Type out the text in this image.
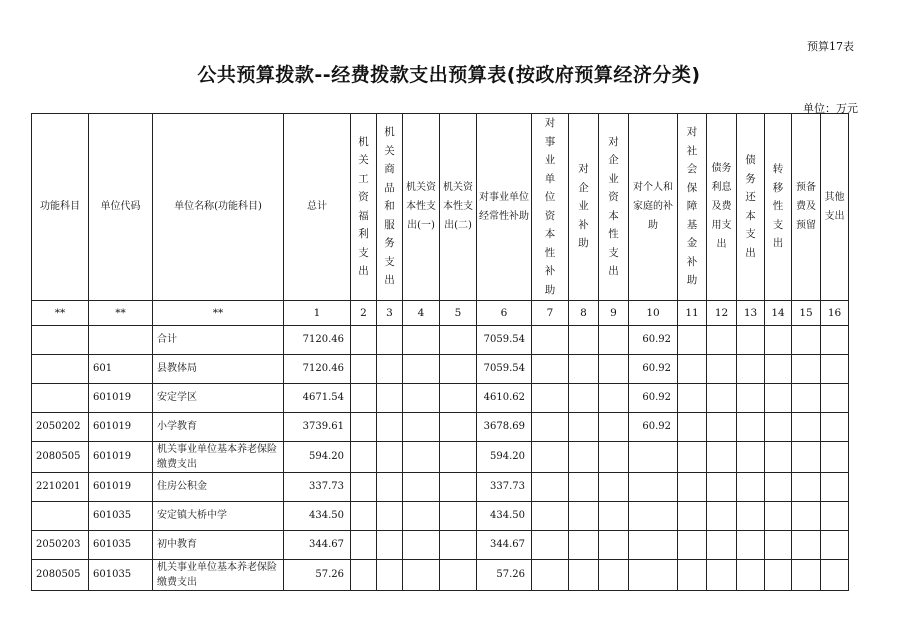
预算17表
公共预算拨款--经费拨款支出预算表(按政府预算经济分类)
单位：万元
功能科目	单位代码	单位名称(功能科目)	总计	机关工资福利支出	机关商品和服务支出	机关资本性支出(一)	机关资本性支出(二)	对事业单位经常性补助	对事业单位资本性补助	对企业补助	对企业资本性支出	对个人和家庭的补助	对社会保障基金补助	债务利息及费用支出	债务还本支出	转移性支出	预备费及预留	其他支出
**	**	**	1	2	3	4	5	6	7	8	9	10	11	12	13	14	15	16
		合计	7120.46					7059.54				60.92						
	601	县教体局	7120.46					7059.54				60.92						
	601019	安定学区	4671.54					4610.62				60.92						
2050202	601019	小学教育	3739.61					3678.69				60.92						
2080505	601019	机关事业单位基本养老保险缴费支出	594.20					594.20										
2210201	601019	住房公积金	337.73					337.73										
	601035	安定镇大桥中学	434.50					434.50										
2050203	601035	初中教育	344.67					344.67										
2080505	601035	机关事业单位基本养老保险缴费支出	57.26					57.26										
